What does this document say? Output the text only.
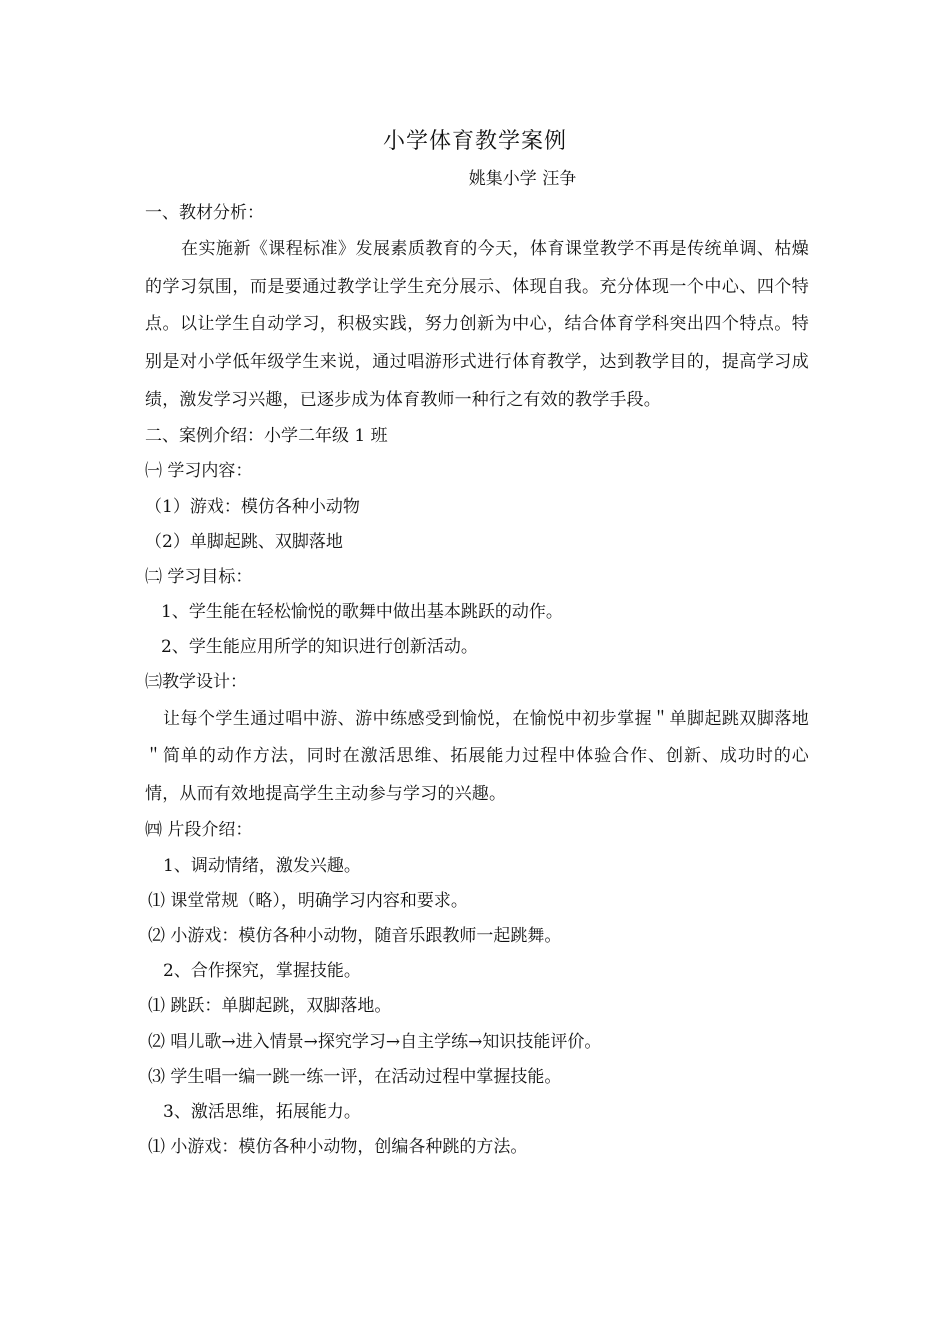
小学体育教学案例
姚集小学 汪争
一、教材分析：
在实施新《课程标准》发展素质教育的今天，体育课堂教学不再是传统单调、枯燥的学习氛围，而是要通过教学让学生充分展示、体现自我。充分体现一个中心、四个特点。以让学生自动学习，积极实践，努力创新为中心，结合体育学科突出四个特点。特别是对小学低年级学生来说，通过唱游形式进行体育教学，达到教学目的，提高学习成绩，激发学习兴趣，已逐步成为体育教师一种行之有效的教学手段。
二、案例介绍：小学二年级 1 班
㈠ 学习内容：
（1）游戏：模仿各种小动物
（2）单脚起跳、双脚落地
㈡ 学习目标：
1、学生能在轻松愉悦的歌舞中做出基本跳跃的动作。
2、学生能应用所学的知识进行创新活动。
㈢教学设计：
让每个学生通过唱中游、游中练感受到愉悦，在愉悦中初步掌握＂单脚起跳双脚落地＂简单的动作方法，同时在激活思维、拓展能力过程中体验合作、创新、成功时的心情，从而有效地提高学生主动参与学习的兴趣。
㈣ 片段介绍：
1、调动情绪，激发兴趣。
⑴ 课堂常规（略），明确学习内容和要求。
⑵ 小游戏：模仿各种小动物，随音乐跟教师一起跳舞。
2、合作探究，掌握技能。
⑴ 跳跃：单脚起跳，双脚落地。
⑵ 唱儿歌→进入情景→探究学习→自主学练→知识技能评价。
⑶ 学生唱一编一跳一练一评，在活动过程中掌握技能。
3、激活思维，拓展能力。
⑴ 小游戏：模仿各种小动物，创编各种跳的方法。
